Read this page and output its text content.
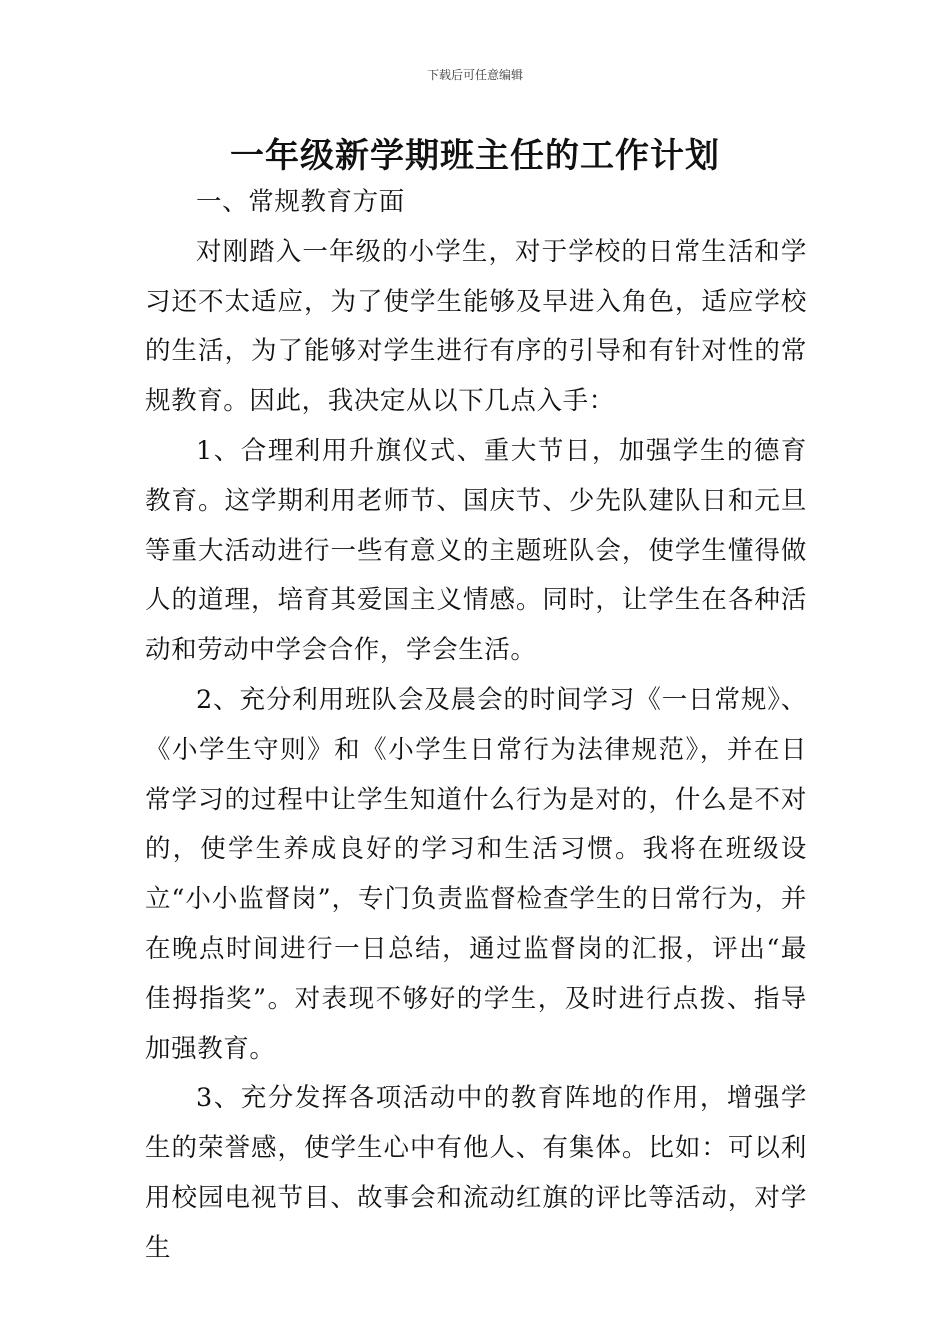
下载后可任意编辑
一年级新学期班主任的工作计划

一、常规教育方面

对刚踏入一年级的小学生，对于学校的日常生活和学习还不太适应，为了使学生能够及早进入角色，适应学校的生活，为了能够对学生进行有序的引导和有针对性的常规教育。因此，我决定从以下几点入手：

1、合理利用升旗仪式、重大节日，加强学生的德育教育。这学期利用老师节、国庆节、少先队建队日和元旦等重大活动进行一些有意义的主题班队会，使学生懂得做人的道理，培育其爱国主义情感。同时，让学生在各种活动和劳动中学会合作，学会生活。

2、充分利用班队会及晨会的时间学习《一日常规》、《小学生守则》和《小学生日常行为法律规范》，并在日常学习的过程中让学生知道什么行为是对的，什么是不对的，使学生养成良好的学习和生活习惯。我将在班级设立“小小监督岗”，专门负责监督检查学生的日常行为，并在晚点时间进行一日总结，通过监督岗的汇报，评出“最佳拇指奖”。对表现不够好的学生，及时进行点拨、指导加强教育。

3、充分发挥各项活动中的教育阵地的作用，增强学生的荣誉感，使学生心中有他人、有集体。比如：可以利用校园电视节目、故事会和流动红旗的评比等活动，对学生
